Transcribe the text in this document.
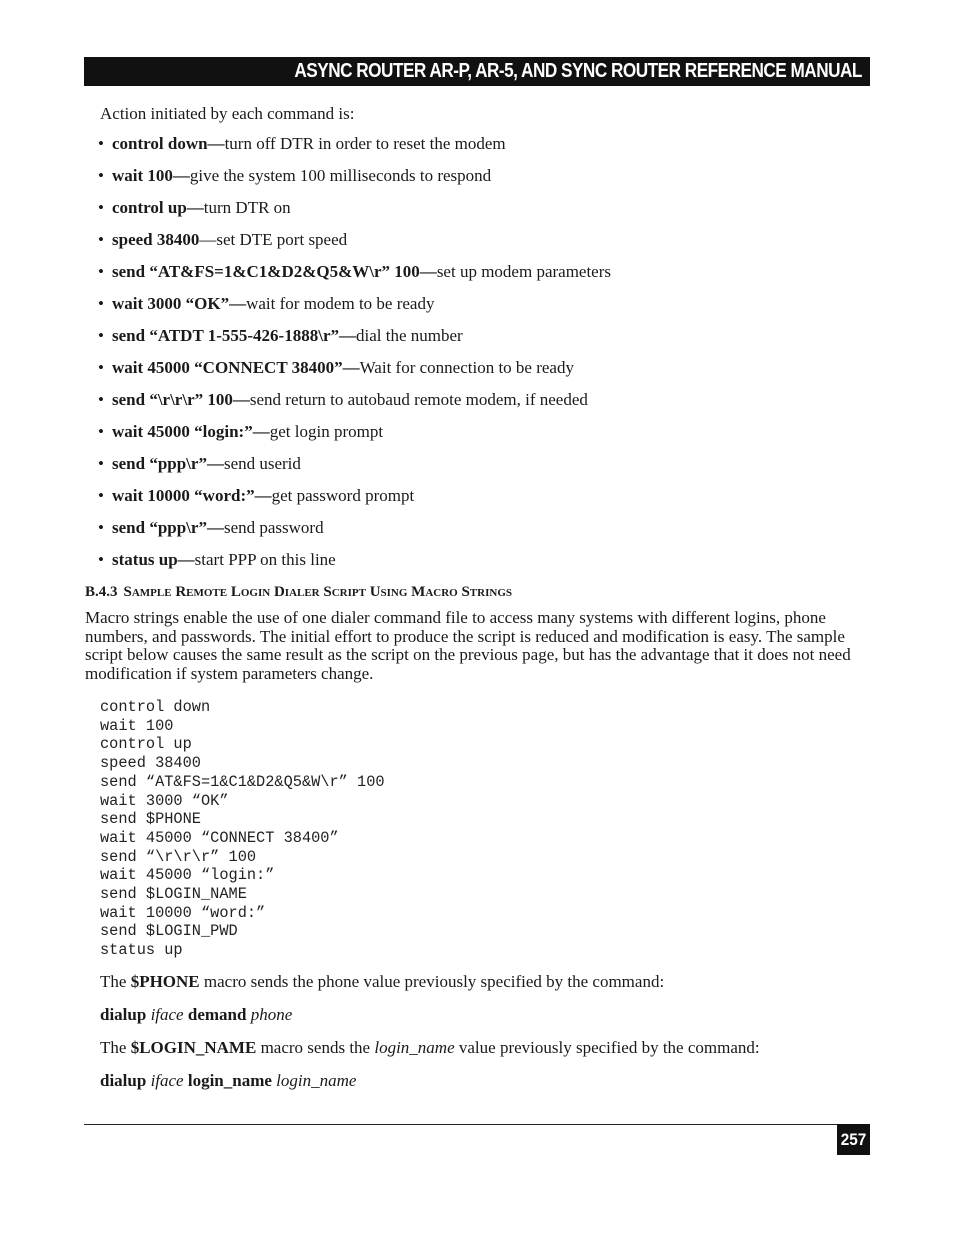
ASYNC ROUTER AR-P, AR-5, AND SYNC ROUTER REFERENCE MANUAL

Action initiated by each command is:

• control down—turn off DTR in order to reset the modem
• wait 100—give the system 100 milliseconds to respond
• control up—turn DTR on
• speed 38400—set DTE port speed
• send “AT&FS=1&C1&D2&Q5&W\r” 100—set up modem parameters
• wait 3000 “OK”—wait for modem to be ready
• send “ATDT 1-555-426-1888\r”—dial the number
• wait 45000 “CONNECT 38400”—Wait for connection to be ready
• send “\r\r\r” 100—send return to autobaud remote modem, if needed
• wait 45000 “login:”—get login prompt
• send “ppp\r”—send userid
• wait 10000 “word:”—get password prompt
• send “ppp\r”—send password
• status up—start PPP on this line
B.4.3 Sample Remote Login Dialer Script Using Macro Strings

Macro strings enable the use of one dialer command file to access many systems with different logins, phone numbers, and passwords. The initial effort to produce the script is reduced and modification is easy. The sample script below causes the same result as the script on the previous page, but has the advantage that it does not need modification if system parameters change.

control down
wait 100
control up
speed 38400
send “AT&FS=1&C1&D2&Q5&W\r” 100
wait 3000 “OK”
send $PHONE
wait 45000 “CONNECT 38400”
send “\r\r\r” 100
wait 45000 “login:”
send $LOGIN_NAME
wait 10000 “word:”
send $LOGIN_PWD
status up

The $PHONE macro sends the phone value previously specified by the command:

dialup iface demand phone

The $LOGIN_NAME macro sends the login_name value previously specified by the command:

dialup iface login_name login_name

257
